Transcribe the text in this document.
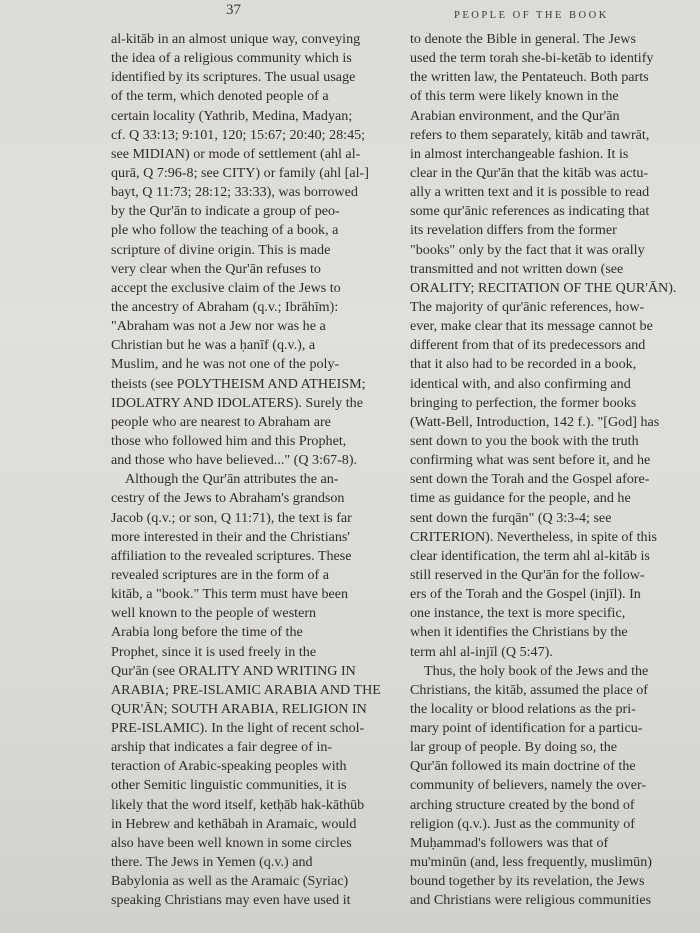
37	PEOPLE OF THE BOOK
al-kitāb in an almost unique way, conveying
the idea of a religious community which is
identified by its scriptures. The usual usage
of the term, which denoted people of a
certain locality (Yathrib, Medina, Madyan;
cf. Q 33:13; 9:101, 120; 15:67; 20:40; 28:45;
see MIDIAN) or mode of settlement (ahl al-
qurā, Q 7:96-8; see CITY) or family (ahl [al-]
bayt, Q 11:73; 28:12; 33:33), was borrowed
by the Qur'ān to indicate a group of peo-
ple who follow the teaching of a book, a
scripture of divine origin. This is made
very clear when the Qur'ān refuses to
accept the exclusive claim of the Jews to
the ancestry of Abraham (q.v.; Ibrāhīm):
"Abraham was not a Jew nor was he a
Christian but he was a ḥanīf (q.v.), a
Muslim, and he was not one of the poly-
theists (see POLYTHEISM AND ATHEISM;
IDOLATRY AND IDOLATERS). Surely the
people who are nearest to Abraham are
those who followed him and this Prophet,
and those who have believed..." (Q 3:67-8).
Although the Qur'ān attributes the an-
cestry of the Jews to Abraham's grandson
Jacob (q.v.; or son, Q 11:71), the text is far
more interested in their and the Christians'
affiliation to the revealed scriptures. These
revealed scriptures are in the form of a
kitāb, a "book." This term must have been
well known to the people of western
Arabia long before the time of the
Prophet, since it is used freely in the
Qur'ān (see ORALITY AND WRITING IN
ARABIA; PRE-ISLAMIC ARABIA AND THE
QUR'ĀN; SOUTH ARABIA, RELIGION IN
PRE-ISLAMIC). In the light of recent schol-
arship that indicates a fair degree of in-
teraction of Arabic-speaking peoples with
other Semitic linguistic communities, it is
likely that the word itself, ketḥāb hak-kāthūb
in Hebrew and kethābah in Aramaic, would
also have been well known in some circles
there. The Jews in Yemen (q.v.) and
Babylonia as well as the Aramaic (Syriac)
speaking Christians may even have used it
to denote the Bible in general. The Jews
used the term torah she-bi-ketāb to identify
the written law, the Pentateuch. Both parts
of this term were likely known in the
Arabian environment, and the Qur'ān
refers to them separately, kitāb and tawrāt,
in almost interchangeable fashion. It is
clear in the Qur'ān that the kitāb was actu-
ally a written text and it is possible to read
some qur'ānic references as indicating that
its revelation differs from the former
"books" only by the fact that it was orally
transmitted and not written down (see
ORALITY; RECITATION OF THE QUR'ĀN).
The majority of qur'ānic references, how-
ever, make clear that its message cannot be
different from that of its predecessors and
that it also had to be recorded in a book,
identical with, and also confirming and
bringing to perfection, the former books
(Watt-Bell, Introduction, 142 f.). "[God] has
sent down to you the book with the truth
confirming what was sent before it, and he
sent down the Torah and the Gospel afore-
time as guidance for the people, and he
sent down the furqān" (Q 3:3-4; see
CRITERION). Nevertheless, in spite of this
clear identification, the term ahl al-kitāb is
still reserved in the Qur'ān for the follow-
ers of the Torah and the Gospel (injīl). In
one instance, the text is more specific,
when it identifies the Christians by the
term ahl al-injīl (Q 5:47).
Thus, the holy book of the Jews and the
Christians, the kitāb, assumed the place of
the locality or blood relations as the pri-
mary point of identification for a particu-
lar group of people. By doing so, the
Qur'ān followed its main doctrine of the
community of believers, namely the over-
arching structure created by the bond of
religion (q.v.). Just as the community of
Muḥammad's followers was that of
mu'minūn (and, less frequently, muslimūn)
bound together by its revelation, the Jews
and Christians were religious communities
